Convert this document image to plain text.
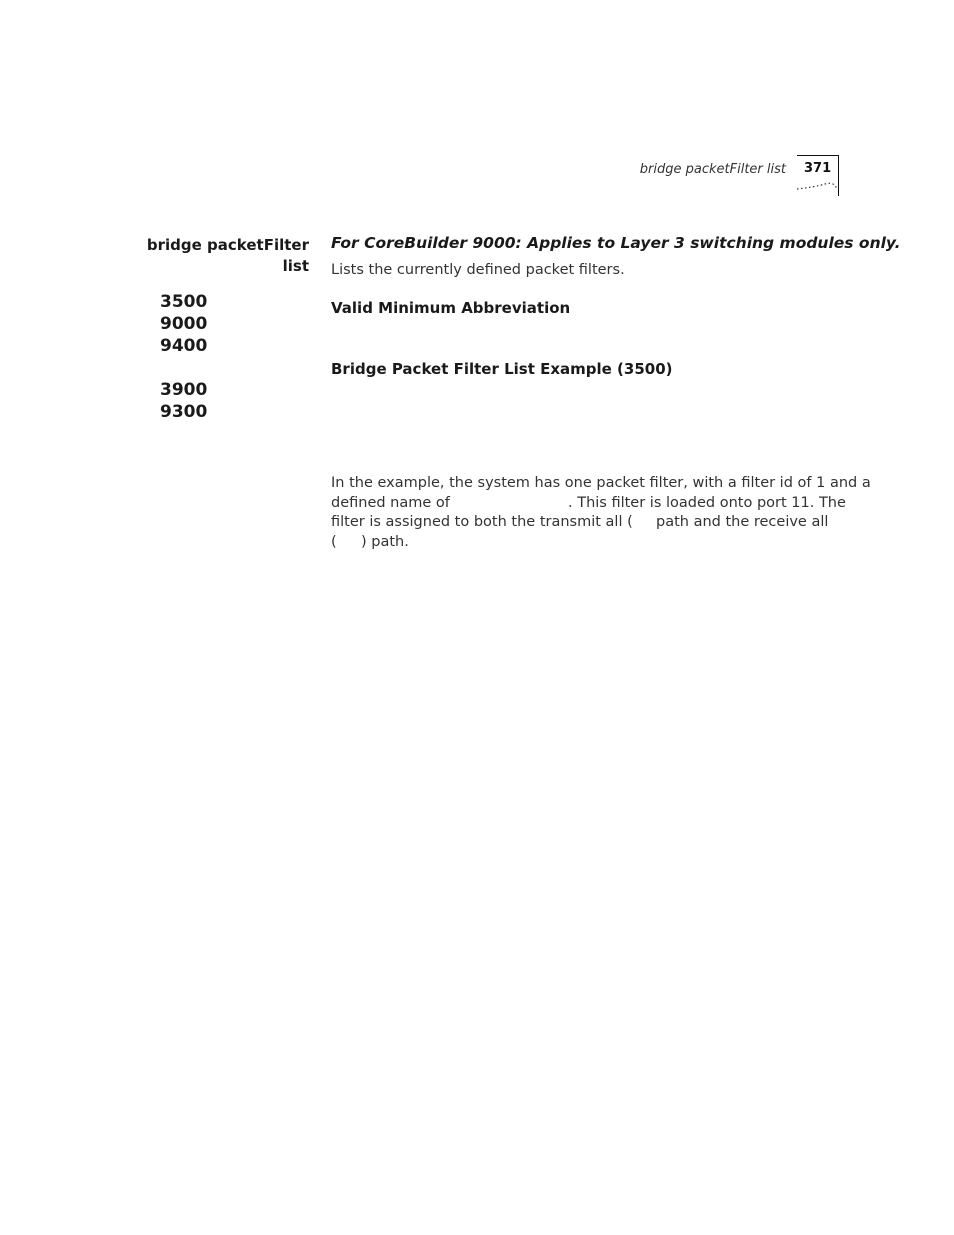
bridge packetFilter list 371
bridge packetFilter
list
3500
9000
9400
3900
9300
For CoreBuilder 9000: Applies to Layer 3 switching modules only.
Lists the currently defined packet filters.
Valid Minimum Abbreviation
Bridge Packet Filter List Example (3500)
In the example, the system has one packet filter, with a filter id of 1 and a
defined name of	. This filter is loaded onto port 11. The
filter is assigned to both the transmit all ( path and the receive all
( ) path.
